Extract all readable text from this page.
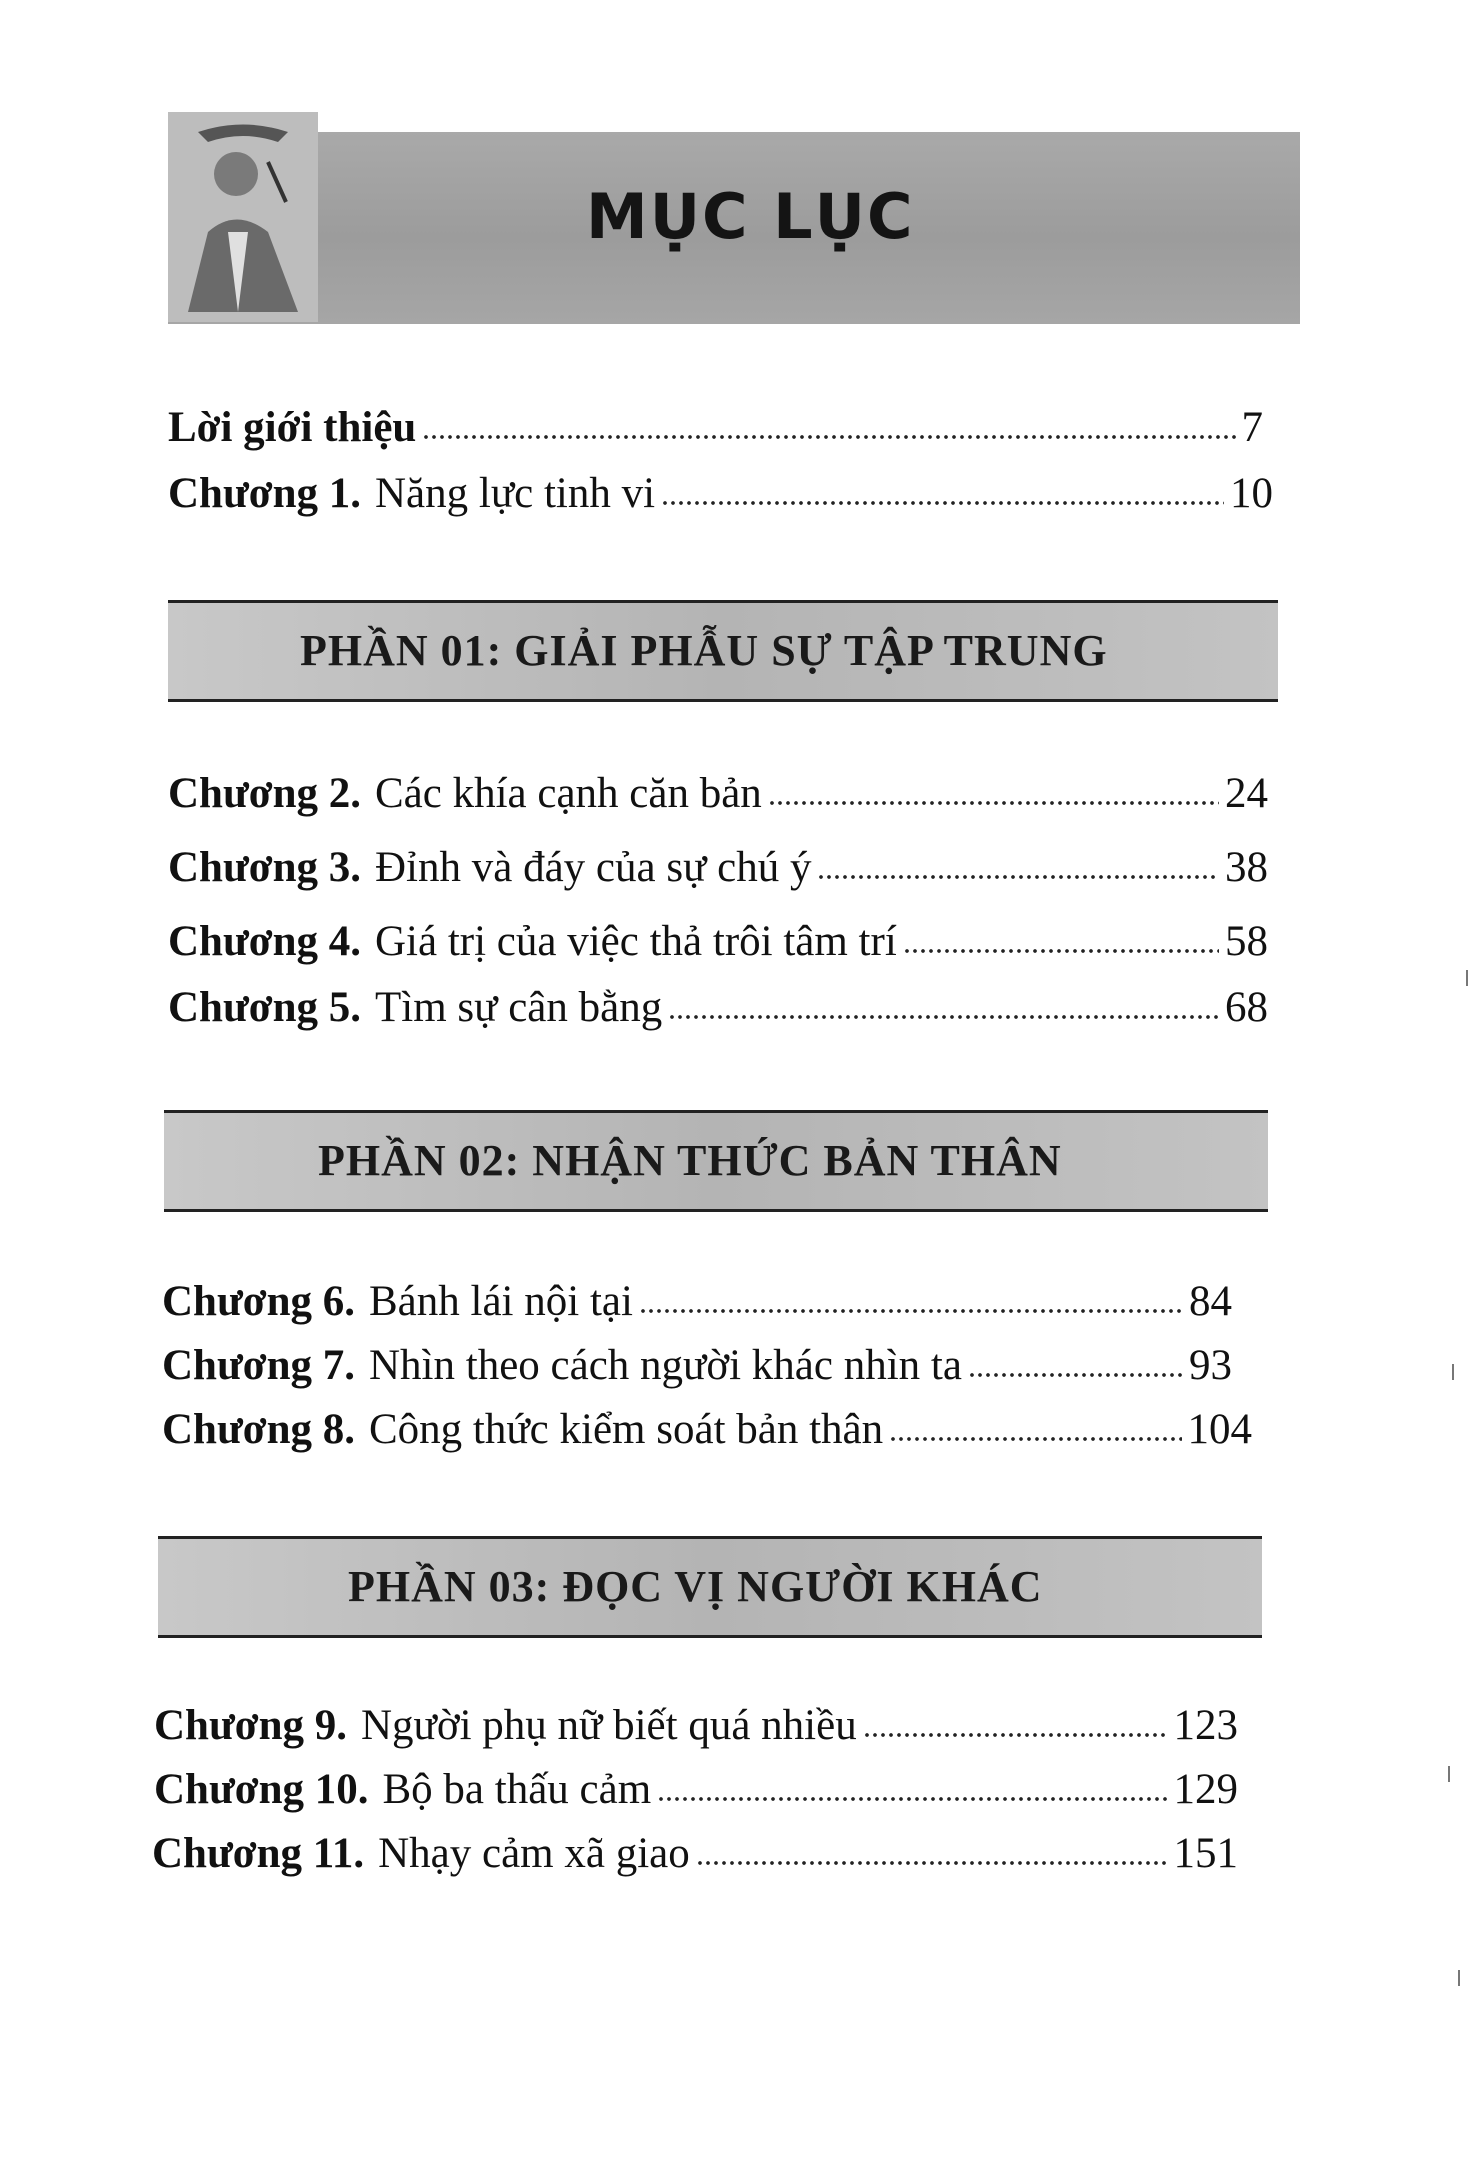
MỤC LỤC
Lời giới thiệu	7
Chương 1. Năng lực tinh vi	10
PHẦN 01: GIẢI PHẪU SỰ TẬP TRUNG
Chương 2. Các khía cạnh căn bản	24
Chương 3. Đỉnh và đáy của sự chú ý	38
Chương 4. Giá trị của việc thả trôi tâm trí	58
Chương 5. Tìm sự cân bằng	68
PHẦN 02: NHẬN THỨC BẢN THÂN
Chương 6. Bánh lái nội tại	84
Chương 7. Nhìn theo cách người khác nhìn ta	93
Chương 8. Công thức kiểm soát bản thân	104
PHẦN 03: ĐỌC VỊ NGƯỜI KHÁC
Chương 9. Người phụ nữ biết quá nhiều	123
Chương 10. Bộ ba thấu cảm	129
Chương 11. Nhạy cảm xã giao	151
